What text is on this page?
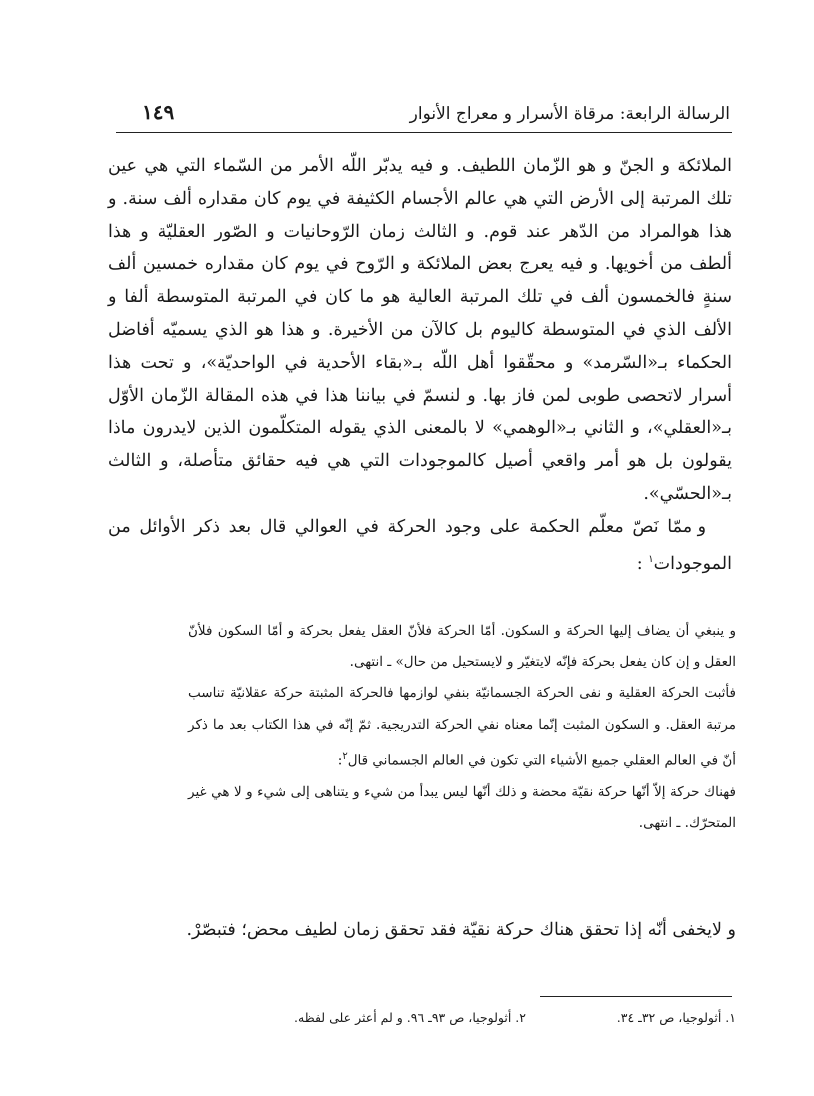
الرسالة الرابعة: مرقاة الأسرار و معراج الأنوار
١٤٩

الملائكة و الجنّ و هو الزّمان اللطيف. و فيه يدبّر اللّه الأمر من السّماء التي هي عين تلك المرتبة إلى الأرض التي هي عالم الأجسام الكثيفة في يوم كان مقداره ألف سنة. و هذا هوالمراد من الدّهر عند قوم. و الثالث زمان الرّوحانيات و الصّور العقليّة و هذا ألطف من أخويها. و فيه يعرج بعض الملائكة و الرّوح في يوم كان مقداره خمسين ألف سنةٍ فالخمسون ألف في تلك المرتبة العالية هو ما كان في المرتبة المتوسطة ألفا و الألف الذي في المتوسطة كاليوم بل كالآن من الأخيرة. و هذا هو الذي يسميّه أفاضل الحكماء بـ«السّرمد» و محقّقوا أهل اللّه بـ«بقاء الأحدية في الواحديّة»، و تحت هذا أسرار لاتحصى طوبى لمن فاز بها. و لنسمّ في بياننا هذا في هذه المقالة الزّمان الأوّل بـ«العقلي»، و الثاني بـ«الوهمي» لا بالمعنى الذي يقوله المتكلّمون الذين لايدرون ماذا يقولون بل هو أمر واقعي أصيل كالموجودات التي هي فيه حقائق متأصلة، و الثالث بـ«الحسّي».

و ممّا نَصّ معلّم الحكمة على وجود الحركة في العوالي قال بعد ذكر الأوائل من الموجودات$^١$ :

و ينبغي أن يضاف إليها الحركة و السكون. أمّا الحركة فلأنّ العقل يفعل بحركة و أمّا السكون فلأنّ العقل و إن كان يفعل بحركة فإنّه لايتغيّر و لايستحيل من حال» ـ انتهى.

فأثبت الحركة العقلية و نفى الحركة الجسمانيّة بنفي لوازمها فالحركة المثبتة حركة عقلانيّة تناسب مرتبة العقل. و السكون المثبت إنّما معناه نفي الحركة التدريجية. ثمّ إنّه في هذا الكتاب بعد ما ذكر أنّ في العالم العقلي جميع الأشياء التي تكون في العالم الجسماني قال$^٢$:

فهناك حركة إلاّ أنّها حركة نقيّة محضة و ذلك أنّها ليس يبدأ من شيء و يتناهى إلى شيء و لا هي غير المتحرّك. ـ انتهى.

و لايخفى أنّه إذا تحقق هناك حركة نقيّة فقد تحقق زمان لطيف محض؛ فتبصّرْ.
١. أثولوجيا، ص ٣٢ـ ٣٤.
٢. أثولوجيا، ص ٩٣ـ ٩٦. و لم أعثر على لفظه.
